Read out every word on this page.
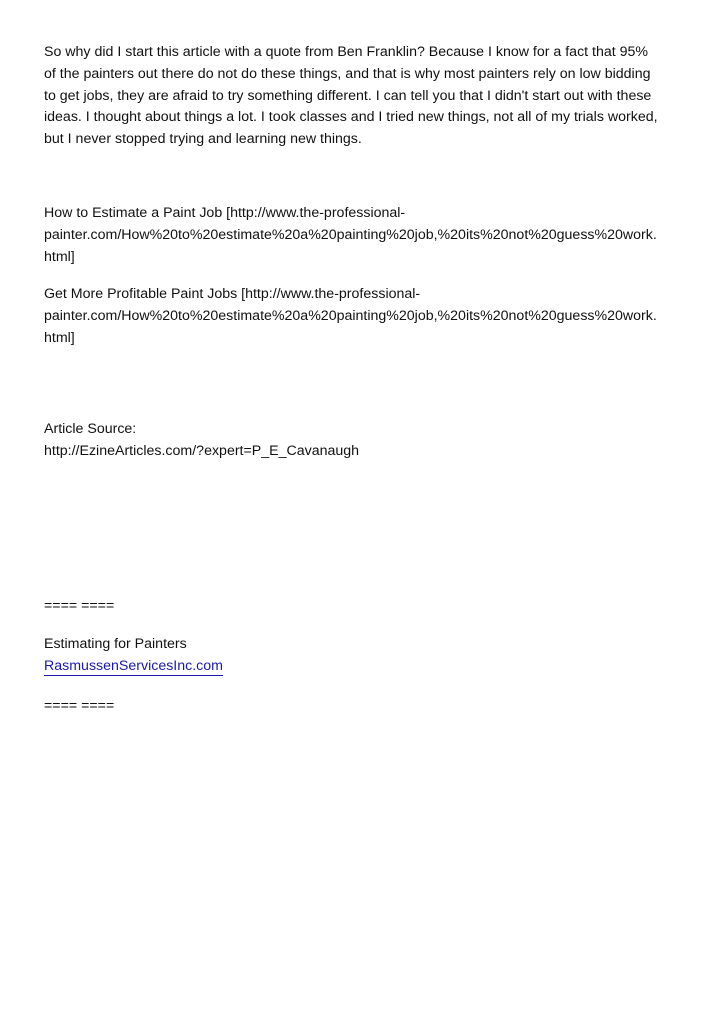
So why did I start this article with a quote from Ben Franklin? Because I know for a fact that 95%
of the painters out there do not do these things, and that is why most painters rely on low bidding
to get jobs, they are afraid to try something different. I can tell you that I didn't start out with these
ideas. I thought about things a lot. I took classes and I tried new things, not all of my trials worked,
but I never stopped trying and learning new things.
How to Estimate a Paint Job [http://www.the-professional-
painter.com/How%20to%20estimate%20a%20painting%20job,%20its%20not%20guess%20work.
html]
Get More Profitable Paint Jobs [http://www.the-professional-
painter.com/How%20to%20estimate%20a%20painting%20job,%20its%20not%20guess%20work.
html]
Article Source:
http://EzineArticles.com/?expert=P_E_Cavanaugh
==== ====
Estimating for Painters
RasmussenServicesInc.com
==== ====
